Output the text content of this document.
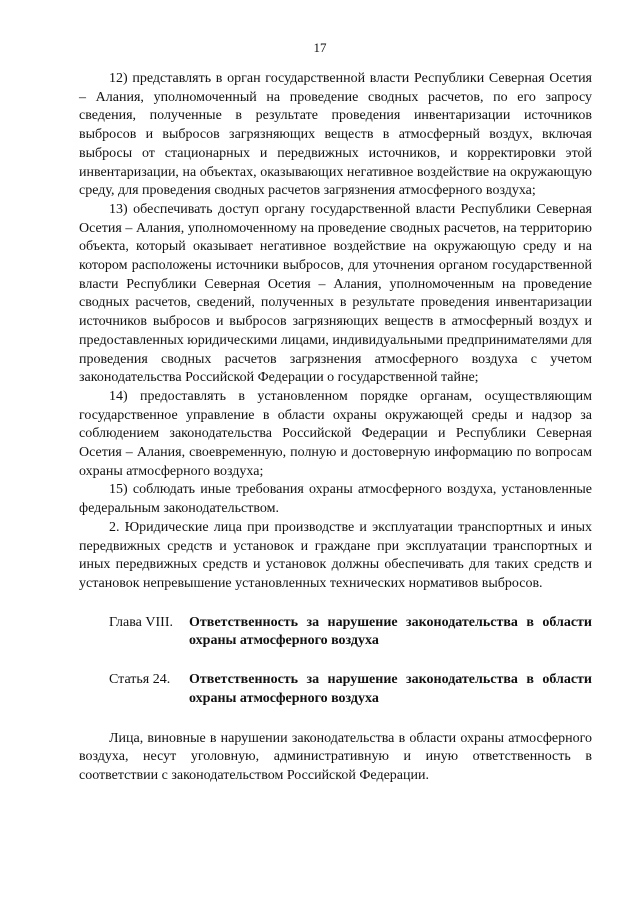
17

12) представлять в орган государственной власти Республики Северная Осетия – Алания, уполномоченный на проведение сводных расчетов, по его запросу сведения, полученные в результате проведения инвентаризации источников выбросов и выбросов загрязняющих веществ в атмосферный воздух, включая выбросы от стационарных и передвижных источников, и корректировки этой инвентаризации, на объектах, оказывающих негативное воздействие на окружающую среду, для проведения сводных расчетов загрязнения атмосферного воздуха;

13) обеспечивать доступ органу государственной власти Республики Северная Осетия – Алания, уполномоченному на проведение сводных расчетов, на территорию объекта, который оказывает негативное воздействие на окружающую среду и на котором расположены источники выбросов, для уточнения органом государственной власти Республики Северная Осетия – Алания, уполномоченным на проведение сводных расчетов, сведений, полученных в результате проведения инвентаризации источников выбросов и выбросов загрязняющих веществ в атмосферный воздух и предоставленных юридическими лицами, индивидуальными предпринимателями для проведения сводных расчетов загрязнения атмосферного воздуха с учетом законодательства Российской Федерации о государственной тайне;

14) предоставлять в установленном порядке органам, осуществляющим государственное управление в области охраны окружающей среды и надзор за соблюдением законодательства Российской Федерации и Республики Северная Осетия – Алания, своевременную, полную и достоверную информацию по вопросам охраны атмосферного воздуха;

15) соблюдать иные требования охраны атмосферного воздуха, установленные федеральным законодательством.

2. Юридические лица при производстве и эксплуатации транспортных и иных передвижных средств и установок и граждане при эксплуатации транспортных и иных передвижных средств и установок должны обеспечивать для таких средств и установок непревышение установленных технических нормативов выбросов.

Глава VIII.	Ответственность за нарушение законодательства в области охраны атмосферного воздуха
Статья 24.	Ответственность за нарушение законодательства в области охраны атмосферного воздуха

Лица, виновные в нарушении законодательства в области охраны атмосферного воздуха, несут уголовную, административную и иную ответственность в соответствии с законодательством Российской Федерации.
